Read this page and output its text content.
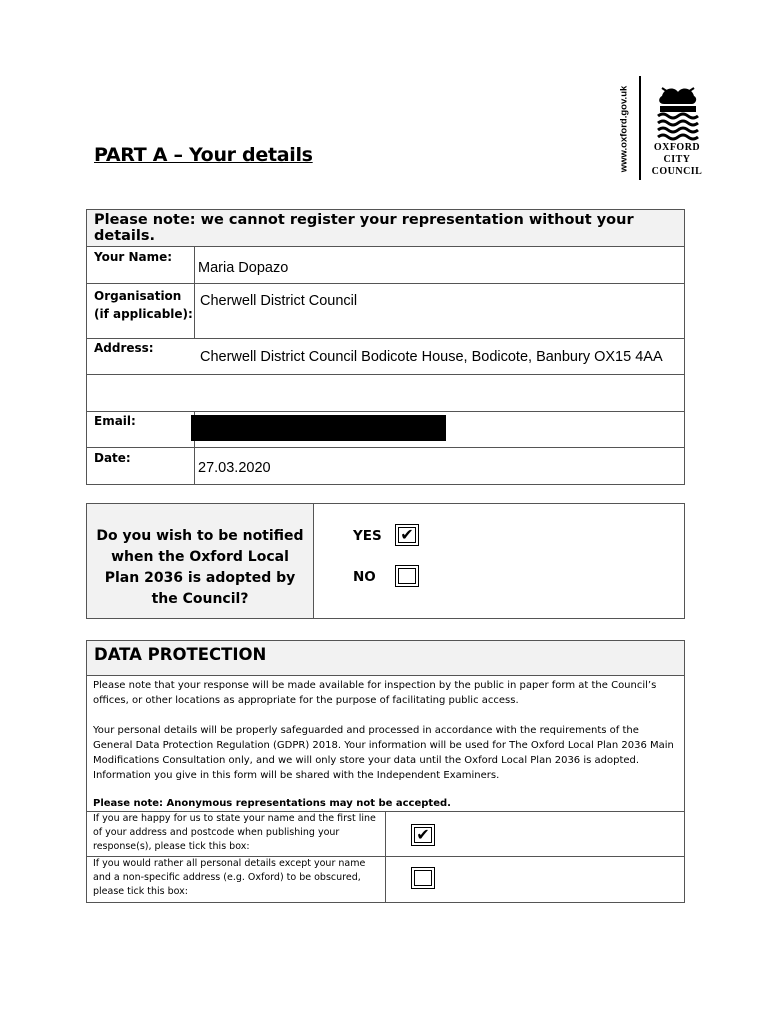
PART A – Your details	www.oxford.gov.uk	OXFORD
CITY
COUNCIL
Please note: we cannot register your representation without your details.
Your Name:
Maria Dopazo
Organisation
(if applicable):
Cherwell District Council
Address:
Cherwell District Council Bodicote House, Bodicote, Banbury OX15 4AA
Email:
Date:
27.03.2020
Do you wish to be notified when the Oxford Local Plan 2036 is adopted by the Council?
YES ✔
NO
DATA PROTECTION
Please note that your response will be made available for inspection by the public in paper form at the Council’s offices, or other locations as appropriate for the purpose of facilitating public access.
Your personal details will be properly safeguarded and processed in accordance with the requirements of the General Data Protection Regulation (GDPR) 2018. Your information will be used for The Oxford Local Plan 2036 Main Modifications Consultation only, and we will only store your data until the Oxford Local Plan 2036 is adopted. Information you give in this form will be shared with the Independent Examiners.
Please note: Anonymous representations may not be accepted.
If you are happy for us to state your name and the first line of your address and postcode when publishing your response(s), please tick this box:
✔
If you would rather all personal details except your name and a non-specific address (e.g. Oxford) to be obscured, please tick this box:
